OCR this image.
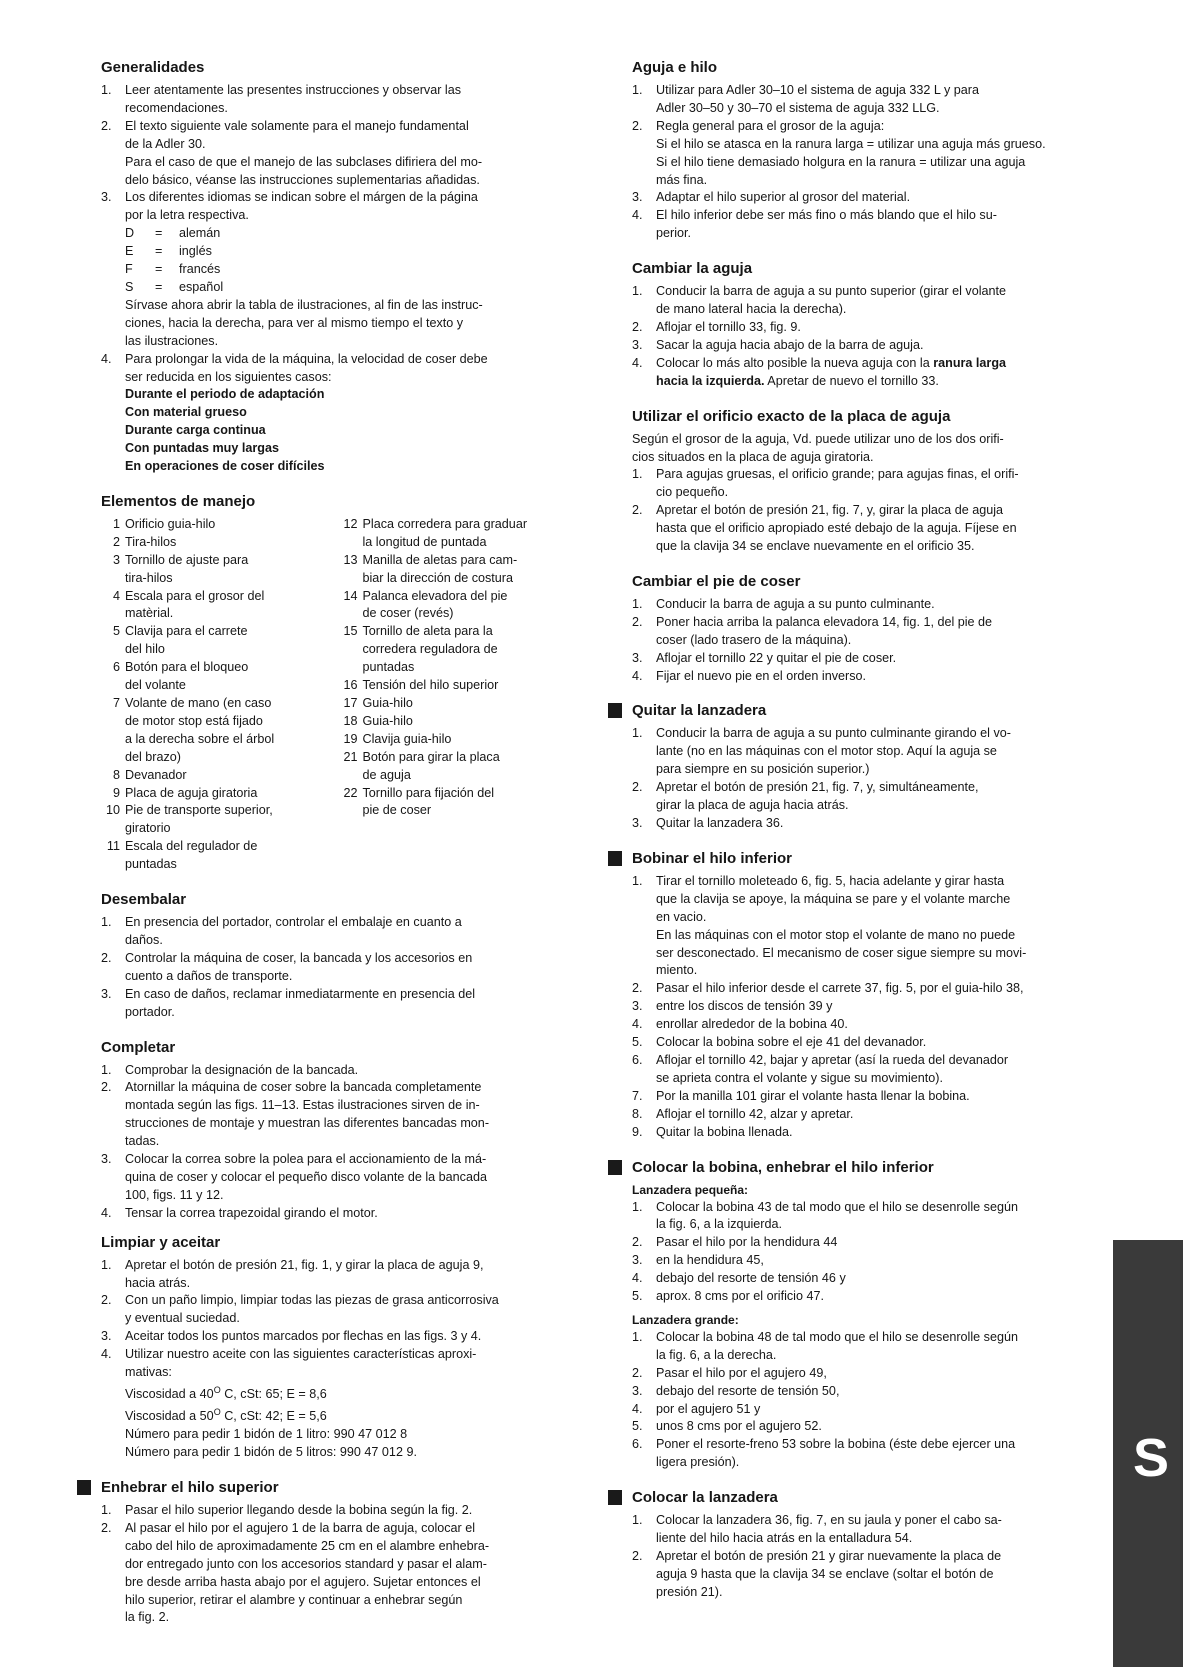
Generalidades
1.	Leer atentamente las presentes instrucciones y observar las
recomendaciones.
2.	El texto siguiente vale solamente para el manejo fundamental
de la Adler 30.
Para el caso de que el manejo de las subclases difiriera del mo-
delo básico, véanse las instrucciones suplementarias añadidas.
3.	Los diferentes idiomas se indican sobre el márgen de la página
por la letra respectiva.
D	=	alemán
E	=	inglés
F	=	francés
S	=	español
Sírvase ahora abrir la tabla de ilustraciones, al fin de las instruc-
ciones, hacia la derecha, para ver al mismo tiempo el texto y
las ilustraciones.
4.	Para prolongar la vida de la máquina, la velocidad de coser debe
ser reducida en los siguientes casos:
Durante el periodo de adaptación
Con material grueso
Durante carga continua
Con puntadas muy largas
En operaciones de coser difíciles
Elementos de manejo
1 Orificio guia-hilo
2 Tira-hilos
3 Tornillo de ajuste para
tira-hilos
4 Escala para el grosor del
matèrial.
5 Clavija para el carrete
del hilo
6 Botón para el bloqueo
del volante
7 Volante de mano (en caso
de motor stop está fijado
a la derecha sobre el árbol
del brazo)
8 Devanador
9 Placa de aguja giratoria
10 Pie de transporte superior,
giratorio
11 Escala del regulador de
puntadas
12 Placa corredera para graduar
la longitud de puntada
13 Manilla de aletas para cam-
biar la dirección de costura
14 Palanca elevadora del pie
de coser (revés)
15 Tornillo de aleta para la
corredera reguladora de
puntadas
16 Tensión del hilo superior
17 Guia-hilo
18 Guia-hilo
19 Clavija guia-hilo
21 Botón para girar la placa
de aguja
22 Tornillo para fijación del
pie de coser
Desembalar
1.	En presencia del portador, controlar el embalaje en cuanto a
daños.
2.	Controlar la máquina de coser, la bancada y los accesorios en
cuento a daños de transporte.
3.	En caso de daños, reclamar inmediatarmente en presencia del
portador.
Completar
1.	Comprobar la designación de la bancada.
2.	Atornillar la máquina de coser sobre la bancada completamente
montada según las figs. 11–13. Estas ilustraciones sirven de in-
strucciones de montaje y muestran las diferentes bancadas mon-
tadas.
3.	Colocar la correa sobre la polea para el accionamiento de la má-
quina de coser y colocar el pequeño disco volante de la bancada
100, figs. 11 y 12.
4.	Tensar la correa trapezoidal girando el motor.
Limpiar y aceitar
1.	Apretar el botón de presión 21, fig. 1, y girar la placa de aguja 9,
hacia atrás.
2.	Con un paño limpio, limpiar todas las piezas de grasa anticorrosiva
y eventual suciedad.
3.	Aceitar todos los puntos marcados por flechas en las figs. 3 y 4.
4.	Utilizar nuestro aceite con las siguientes características aproxi-
mativas:
Viscosidad a $40^O$ C, cSt: 65; E = 8,6
Viscosidad a $50^O$ C, cSt: 42; E = 5,6
Número para pedir 1 bidón de 1 litro: 990 47 012 8
Número para pedir 1 bidón de 5 litros: 990 47 012 9.
Enhebrar el hilo superior
1.	Pasar el hilo superior llegando desde la bobina según la fig. 2.
2.	Al pasar el hilo por el agujero 1 de la barra de aguja, colocar el
cabo del hilo de aproximadamente 25 cm en el alambre enhebra-
dor entregado junto con los accesorios standard y pasar el alam-
bre desde arriba hasta abajo por el agujero. Sujetar entonces el
hilo superior, retirar el alambre y continuar a enhebrar según
la fig. 2.
Aguja e hilo
1.	Utilizar para Adler 30–10 el sistema de aguja 332 L y para
Adler 30–50 y 30–70 el sistema de aguja 332 LLG.
2.	Regla general para el grosor de la aguja:
Si el hilo se atasca en la ranura larga = utilizar una aguja más grueso.
Si el hilo tiene demasiado holgura en la ranura = utilizar una aguja
más fina.
3.	Adaptar el hilo superior al grosor del material.
4.	El hilo inferior debe ser más fino o más blando que el hilo su-
perior.
Cambiar la aguja
1.	Conducir la barra de aguja a su punto superior (girar el volante
de mano lateral hacia la derecha).
2.	Aflojar el tornillo 33, fig. 9.
3.	Sacar la aguja hacia abajo de la barra de aguja.
4.	Colocar lo más alto posible la nueva aguja con la ranura larga
hacia la izquierda. Apretar de nuevo el tornillo 33.
Utilizar el orificio exacto de la placa de aguja
Según el grosor de la aguja, Vd. puede utilizar uno de los dos orifi-
cios situados en la placa de aguja giratoria.
1.	Para agujas gruesas, el orificio grande; para agujas finas, el orifi-
cio pequeño.
2.	Apretar el botón de presión 21, fig. 7, y, girar la placa de aguja
hasta que el orificio apropiado esté debajo de la aguja. Fíjese en
que la clavija 34 se enclave nuevamente en el orificio 35.
Cambiar el pie de coser
1.	Conducir la barra de aguja a su punto culminante.
2.	Poner hacia arriba la palanca elevadora 14, fig. 1, del pie de
coser (lado trasero de la máquina).
3.	Aflojar el tornillo 22 y quitar el pie de coser.
4.	Fijar el nuevo pie en el orden inverso.
Quitar la lanzadera
1.	Conducir la barra de aguja a su punto culminante girando el vo-
lante (no en las máquinas con el motor stop. Aquí la aguja se
para siempre en su posición superior.)
2.	Apretar el botón de presión 21, fig. 7, y, simultáneamente,
girar la placa de aguja hacia atrás.
3.	Quitar la lanzadera 36.
Bobinar el hilo inferior
1.	Tirar el tornillo moleteado 6, fig. 5, hacia adelante y girar hasta
que la clavija se apoye, la máquina se pare y el volante marche
en vacio.
En las máquinas con el motor stop el volante de mano no puede
ser desconectado. El mecanismo de coser sigue siempre su movi-
miento.
2.	Pasar el hilo inferior desde el carrete 37, fig. 5, por el guia-hilo 38,
3.	entre los discos de tensión 39 y
4.	enrollar alrededor de la bobina 40.
5.	Colocar la bobina sobre el eje 41 del devanador.
6.	Aflojar el tornillo 42, bajar y apretar (así la rueda del devanador
se aprieta contra el volante y sigue su movimiento).
7.	Por la manilla 101 girar el volante hasta llenar la bobina.
8.	Aflojar el tornillo 42, alzar y apretar.
9.	Quitar la bobina llenada.
Colocar la bobina, enhebrar el hilo inferior
Lanzadera pequeña:
1.	Colocar la bobina 43 de tal modo que el hilo se desenrolle según
la fig. 6, a la izquierda.
2.	Pasar el hilo por la hendidura 44
3.	en la hendidura 45,
4.	debajo del resorte de tensión 46 y
5.	aprox. 8 cms por el orificio 47.
Lanzadera grande:
1.	Colocar la bobina 48 de tal modo que el hilo se desenrolle según
la fig. 6, a la derecha.
2.	Pasar el hilo por el agujero 49,
3.	debajo del resorte de tensión 50,
4.	por el agujero 51 y
5.	unos 8 cms por el agujero 52.
6.	Poner el resorte-freno 53 sobre la bobina (éste debe ejercer una
ligera presión).
Colocar la lanzadera
1.	Colocar la lanzadera 36, fig. 7, en su jaula y poner el cabo sa-
liente del hilo hacia atrás en la entalladura 54.
2.	Apretar el botón de presión 21 y girar nuevamente la placa de
aguja 9 hasta que la clavija 34 se enclave (soltar el botón de
presión 21).
S
